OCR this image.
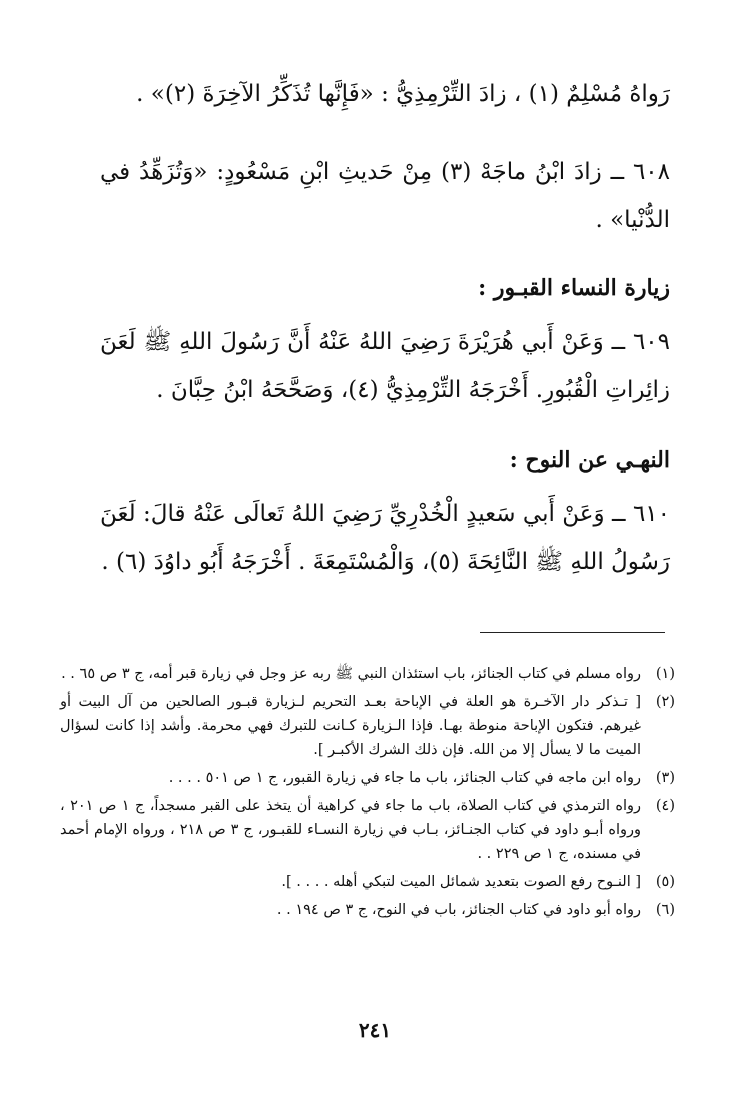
رَواهُ مُسْلِمٌ (١) ، زادَ التِّرْمِذِيُّ : «فَإِنَّها تُذَكِّرُ الآخِرَةَ (٢)» .

٦٠٨ ــ زادَ ابْنُ ماجَهْ (٣) مِنْ حَديثِ ابْنِ مَسْعُودٍ: «وَتُزَهِّدُ في الدُّنْيا» .

زيارة النساء القبـور :

٦٠٩ ــ وَعَنْ أَبي هُرَيْرَةَ رَضِيَ اللهُ عَنْهُ أَنَّ رَسُولَ اللهِ ﷺ لَعَنَ زائِراتِ الْقُبُورِ. أَخْرَجَهُ التِّرْمِذِيُّ (٤)، وَصَحَّحَهُ ابْنُ حِبَّانَ .

النهـي عن النوح :

٦١٠ ــ وَعَنْ أَبي سَعيدٍ الْخُدْرِيِّ رَضِيَ اللهُ تَعالَى عَنْهُ قالَ: لَعَنَ رَسُولُ اللهِ ﷺ النَّائِحَةَ (٥)، وَالْمُسْتَمِعَةَ . أَخْرَجَهُ أَبُو داوُدَ (٦) .

(١)
رواه مسلم في كتاب الجنائز، باب استئذان النبي ﷺ ربه عز وجل في زيارة قبر أمه، ج ٣ ص ٦٥ . .
(٢)
[ تـذكر دار الآخـرة هو العلة في الإباحة بعـد التحريم لـزيارة قبـور الصالحين من آل البيت أو غيرهم. فتكون الإباحة منوطة بهـا. فإذا الـزيارة كـانت للتبرك فهي محرمة. وأشد إذا كانت لسؤال الميت ما لا يسأل إلا من الله. فإن ذلك الشرك الأكبـر ].
(٣)
رواه ابن ماجه في كتاب الجنائز، باب ما جاء في زيارة القبور، ج ١ ص ٥٠١ . . . .
(٤)
رواه الترمذي في كتاب الصلاة، باب ما جاء في كراهية أن يتخذ على القبر مسجداً، ج ١ ص ٢٠١ ، ورواه أبـو داود في كتاب الجنـائز، بـاب في زيارة النسـاء للقبـور، ج ٣ ص ٢١٨ ، ورواه الإمام أحمد في مسنده، ج ١ ص ٢٢٩ . .
(٥)
[ النـوح رفع الصوت بتعديد شمائل الميت لتبكي أهله . . . . ].
(٦)
رواه أبو داود في كتاب الجنائز، باب في النوح، ج ٣ ص ١٩٤ . .
٢٤١
